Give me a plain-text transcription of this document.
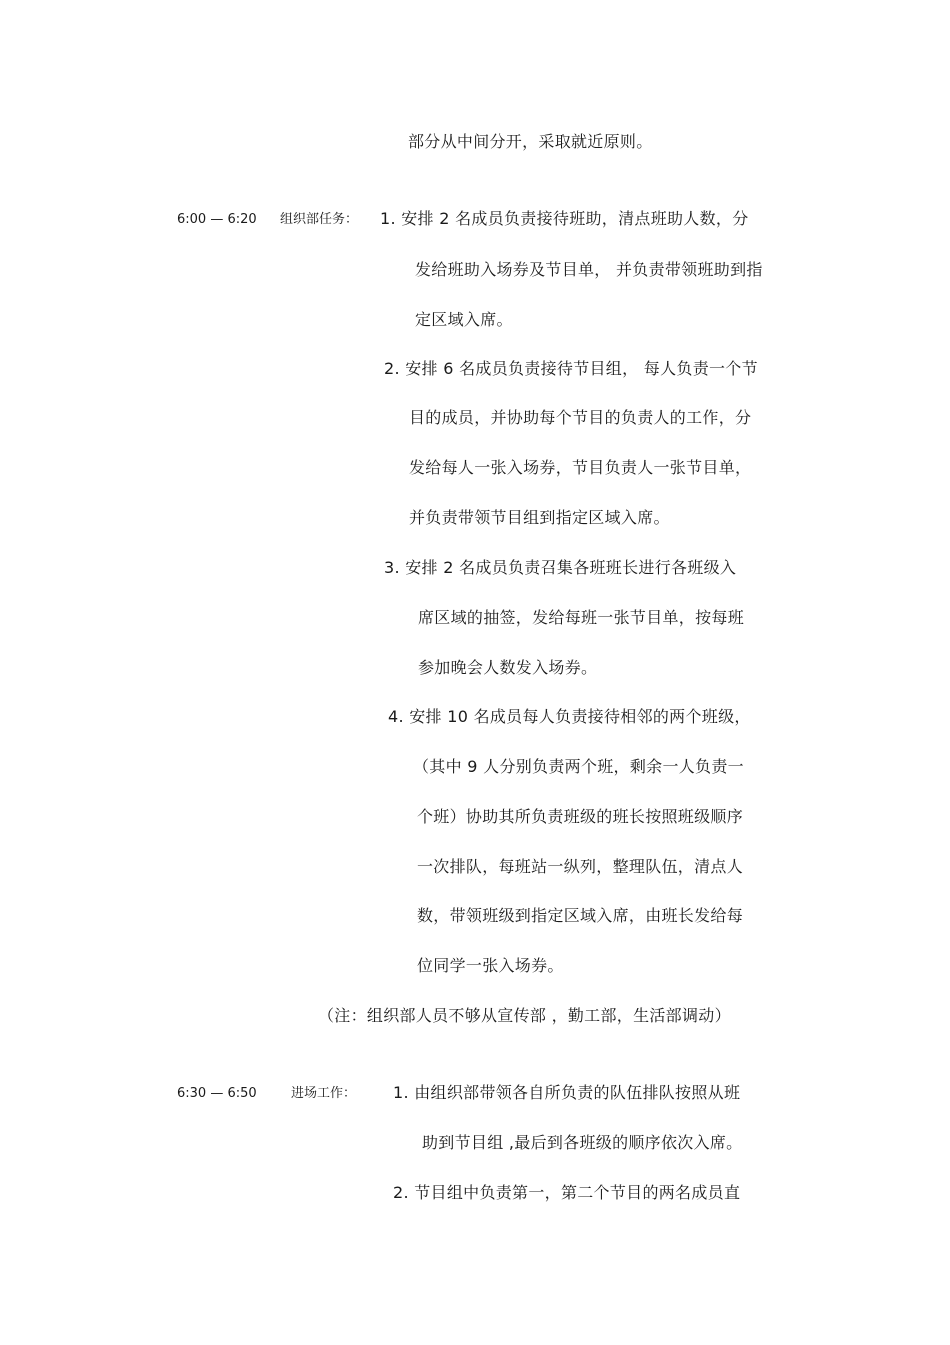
部分从中间分开，采取就近原则。
6:00 — 6:20 组织部任务： 1. 安排 2 名成员负责接待班助，清点班助人数，分
发给班助入场券及节目单， 并负责带领班助到指
定区域入席。
2. 安排 6 名成员负责接待节目组， 每人负责一个节
目的成员，并协助每个节目的负责人的工作，分
发给每人一张入场券，节目负责人一张节目单，
并负责带领节目组到指定区域入席。
3. 安排 2 名成员负责召集各班班长进行各班级入
席区域的抽签，发给每班一张节目单，按每班
参加晚会人数发入场券。
4. 安排 10 名成员每人负责接待相邻的两个班级，
（其中 9 人分别负责两个班，剩余一人负责一
个班）协助其所负责班级的班长按照班级顺序
一次排队，每班站一纵列，整理队伍，清点人
数，带领班级到指定区域入席，由班长发给每
位同学一张入场券。
（注：组织部人员不够从宣传部 ，勤工部，生活部调动）
6:30 — 6:50	进场工作： 1. 由组织部带领各自所负责的队伍排队按照从班
助到节目组 ,最后到各班级的顺序依次入席。
2. 节目组中负责第一，第二个节目的两名成员直
